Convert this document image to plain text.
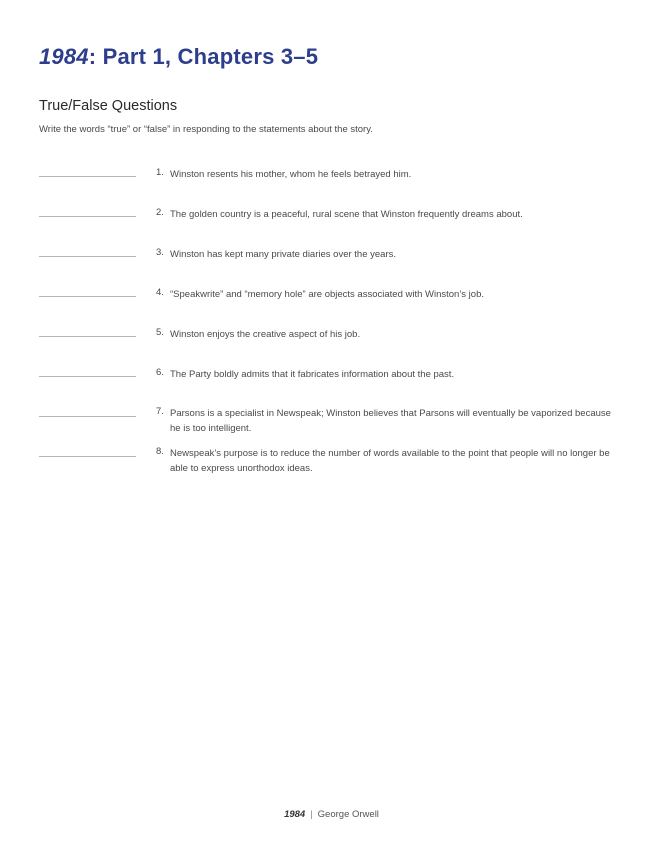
1984: Part 1, Chapters 3–5
True/False Questions

Write the words “true” or “false” in responding to the statements about the story.

1. Winston resents his mother, whom he feels betrayed him.
2. The golden country is a peaceful, rural scene that Winston frequently dreams about.
3. Winston has kept many private diaries over the years.
4. “Speakwrite” and “memory hole” are objects associated with Winston’s job.
5. Winston enjoys the creative aspect of his job.
6. The Party boldly admits that it fabricates information about the past.
7. Parsons is a specialist in Newspeak; Winston believes that Parsons will eventually be vaporized because he is too intelligent.
8. Newspeak’s purpose is to reduce the number of words available to the point that people will no longer be able to express unorthodox ideas.
1984 | George Orwell
